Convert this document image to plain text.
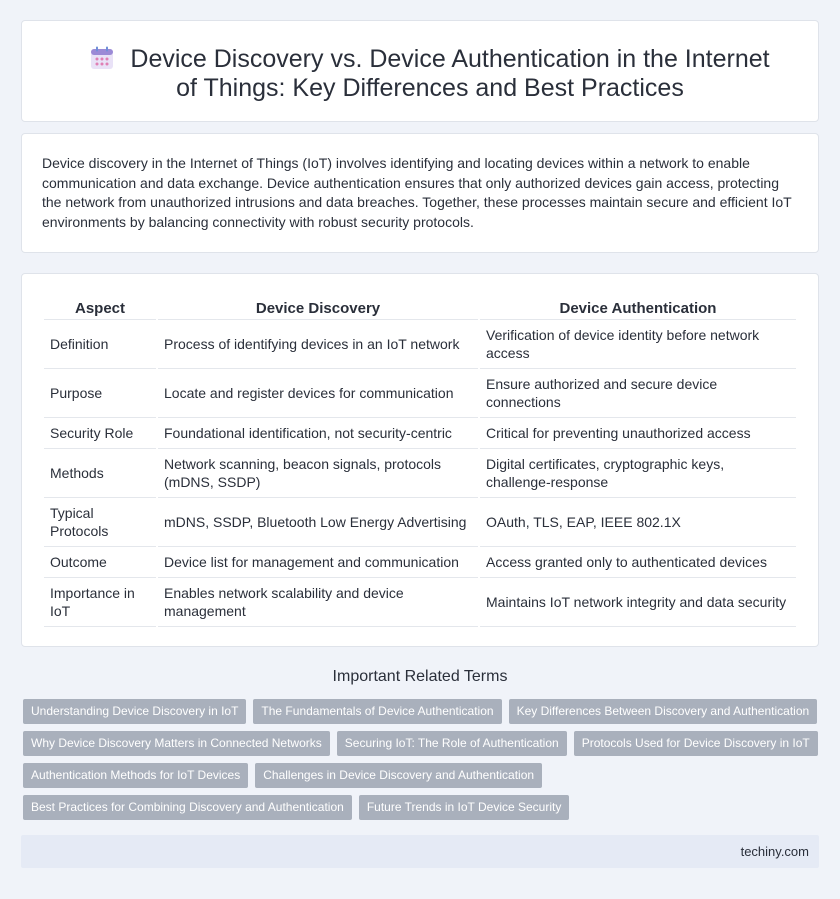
Device Discovery vs. Device Authentication in the Internet of Things: Key Differences and Best Practices

Device discovery in the Internet of Things (IoT) involves identifying and locating devices within a network to enable communication and data exchange. Device authentication ensures that only authorized devices gain access, protecting the network from unauthorized intrusions and data breaches. Together, these processes maintain secure and efficient IoT environments by balancing connectivity with robust security protocols.

Aspect	Device Discovery	Device Authentication
Definition	Process of identifying devices in an IoT network	Verification of device identity before network access
Purpose	Locate and register devices for communication	Ensure authorized and secure device connections
Security Role	Foundational identification, not security-centric	Critical for preventing unauthorized access
Methods	Network scanning, beacon signals, protocols (mDNS, SSDP)	Digital certificates, cryptographic keys, challenge-response
Typical Protocols	mDNS, SSDP, Bluetooth Low Energy Advertising	OAuth, TLS, EAP, IEEE 802.1X
Outcome	Device list for management and communication	Access granted only to authenticated devices
Importance in IoT	Enables network scalability and device management	Maintains IoT network integrity and data security
Important Related Terms
Understanding Device Discovery in IoT	The Fundamentals of Device Authentication	Key Differences Between Discovery and Authentication
Why Device Discovery Matters in Connected Networks	Securing IoT: The Role of Authentication	Protocols Used for Device Discovery in IoT
Authentication Methods for IoT Devices	Challenges in Device Discovery and Authentication
Best Practices for Combining Discovery and Authentication	Future Trends in IoT Device Security
techiny.com
